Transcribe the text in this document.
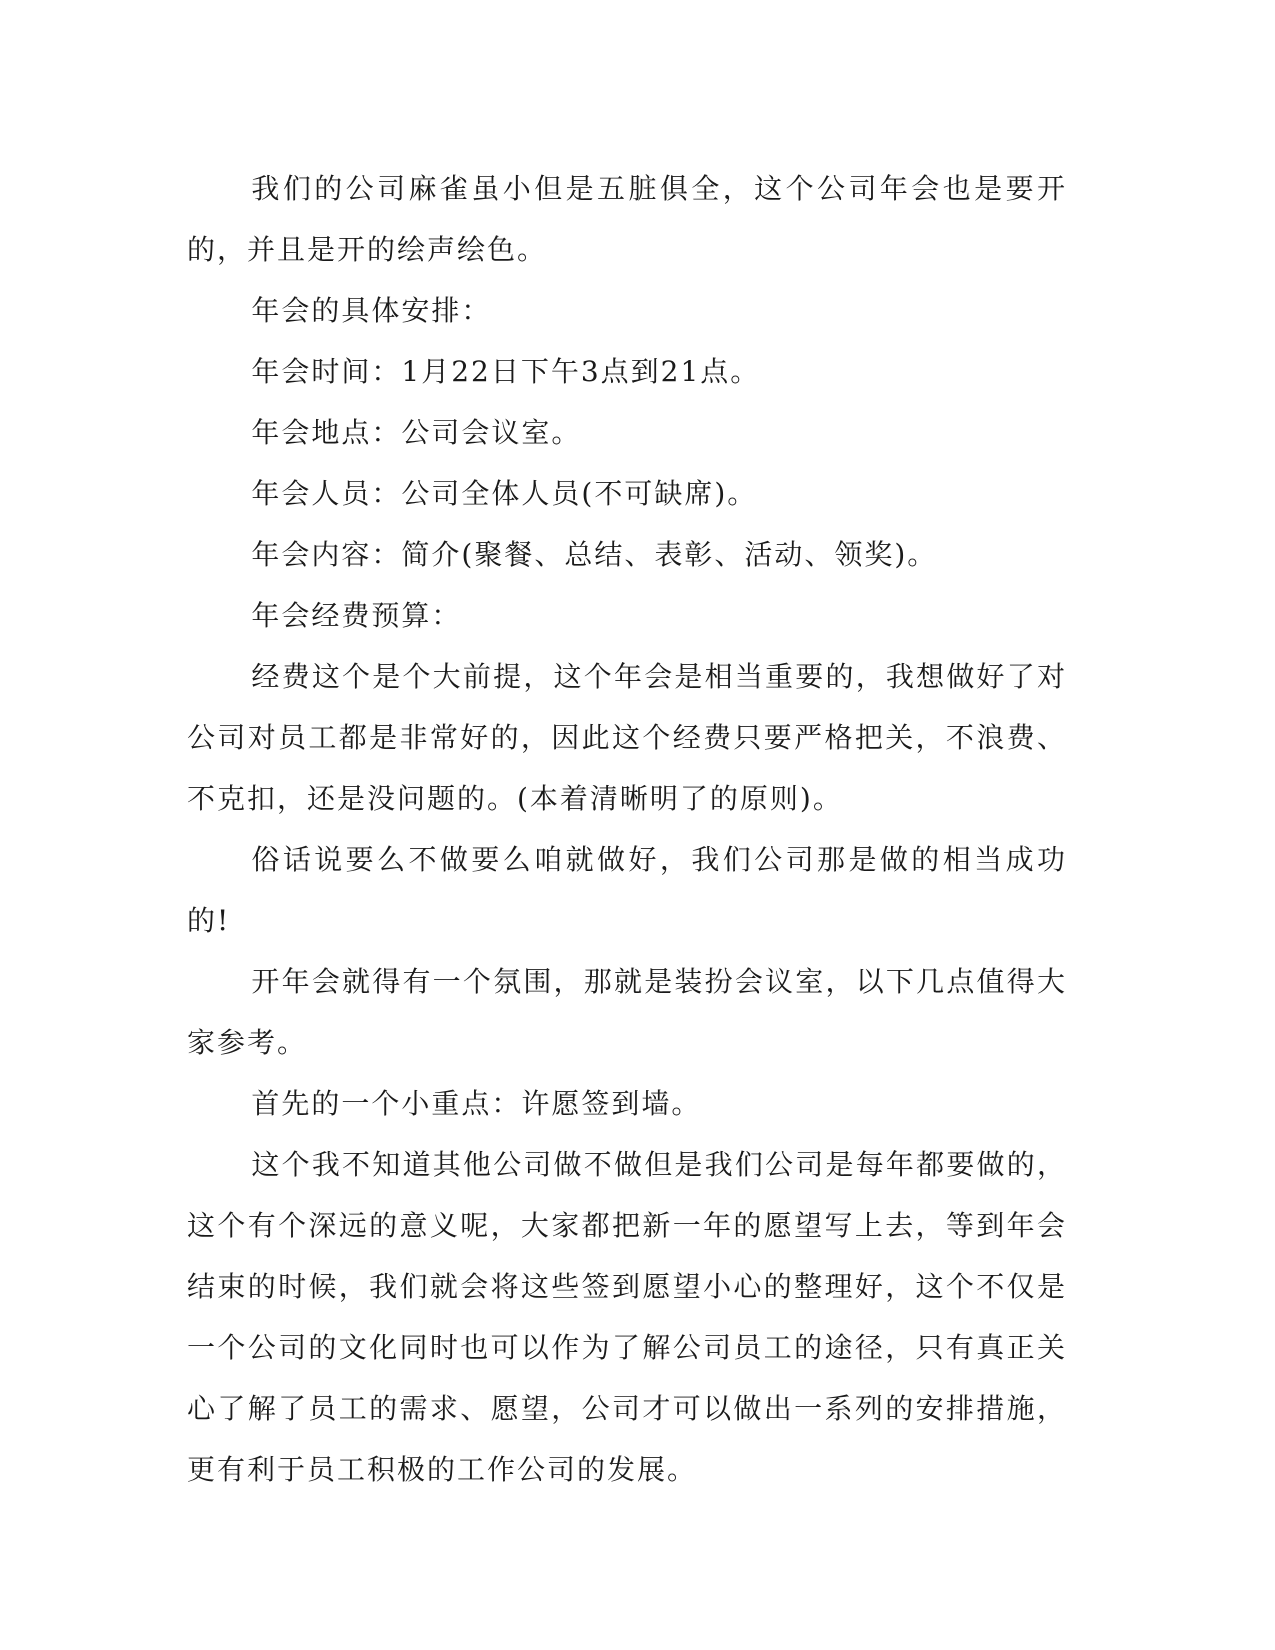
我们的公司麻雀虽小但是五脏俱全，这个公司年会也是要开的，并且是开的绘声绘色。

年会的具体安排：

年会时间：1月22日下午3点到21点。

年会地点：公司会议室。

年会人员：公司全体人员(不可缺席)。

年会内容：简介(聚餐、总结、表彰、活动、领奖)。

年会经费预算：

经费这个是个大前提，这个年会是相当重要的，我想做好了对公司对员工都是非常好的，因此这个经费只要严格把关，不浪费、不克扣，还是没问题的。(本着清晰明了的原则)。

俗话说要么不做要么咱就做好，我们公司那是做的相当成功的!

开年会就得有一个氛围，那就是装扮会议室，以下几点值得大家参考。

首先的一个小重点：许愿签到墙。

这个我不知道其他公司做不做但是我们公司是每年都要做的，这个有个深远的意义呢，大家都把新一年的愿望写上去，等到年会结束的时候，我们就会将这些签到愿望小心的整理好，这个不仅是一个公司的文化同时也可以作为了解公司员工的途径，只有真正关心了解了员工的需求、愿望，公司才可以做出一系列的安排措施，更有利于员工积极的工作公司的发展。
